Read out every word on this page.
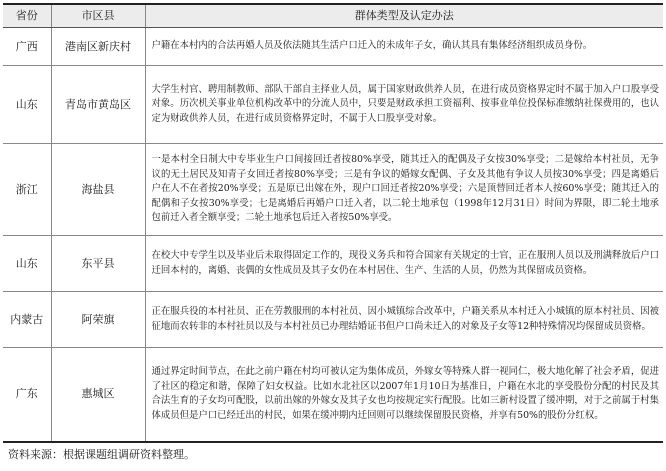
省份	市区县	群体类型及认定办法
广西	港南区新庆村	户籍在本村内的合法再婚人员及依法随其生活户口迁入的未成年子女，确认其具有集体经济组织成员身份。
山东	青岛市黄岛区	大学生村官、聘用制教师、部队干部自主择业人员，属于国家财政供养人员，在进行成员资格界定时不属于加入户口股享受对象。历次机关事业单位机构改革中的分流人员中，只要是财政承担工资福利、按事业单位投保标准缴纳社保费用的，也认定为财政供养人员，在进行成员资格界定时，不属于人口股享受对象。
浙江	海盐县	一是本村全日制大中专毕业生户口间接回迁者按80%享受，随其迁入的配偶及子女按30%享受；二是嫁给本村社员，无争议的无土居民及知青子女回迁者按80%享受；三是有争议的婚嫁女配偶、子女及其他有争议人员按30%享受；四是离婚后户在人不在者按20%享受；五是原已出嫁在外，现户口回迁者按20%享受；六是顶替回迁者本人按60%享受；随其迁入的配偶和子女按30%享受；七是离婚后再婚户口迁入者，以二轮土地承包（1998年12月31日）时间为界限，即二轮土地承包前迁入者全额享受；二轮土地承包后迁入者按50%享受。
山东	东平县	在校大中专学生以及毕业后未取得固定工作的，现役义务兵和符合国家有关规定的士官，正在服刑人员以及刑满释放后户口迁回本村的，离婚、丧偶的女性成员及其子女仍在本村居住、生产、生活的人员，仍然为其保留成员资格。
内蒙古	阿荣旗	正在服兵役的本村社员、正在劳教服刑的本村社员、因小城镇综合改革中，户籍关系从本村迁入小城镇的原本村社员、因被征地而农转非的本村社员以及与本村社员已办理结婚证书但户口尚未迁入的对象及子女等12种特殊情况均保留成员资格。
广东	惠城区	通过界定时间节点，在此之前户籍在村均可被认定为集体成员，外嫁女等特殊人群一视同仁，极大地化解了社会矛盾，促进了社区的稳定和谐，保障了妇女权益。比如水北社区以2007年1月10日为基准日，户籍在水北的享受股份分配的村民及其合法生育的子女均可配股，以前出嫁的外嫁女及其子女也均按规定实行配股。比如三新村设置了缓冲期，对于之前属于村集体成员但是户口已经迁出的村民，如果在缓冲期内迁回则可以继续保留股民资格，并享有50%的股份分红权。
资料来源：根据课题组调研资料整理。
